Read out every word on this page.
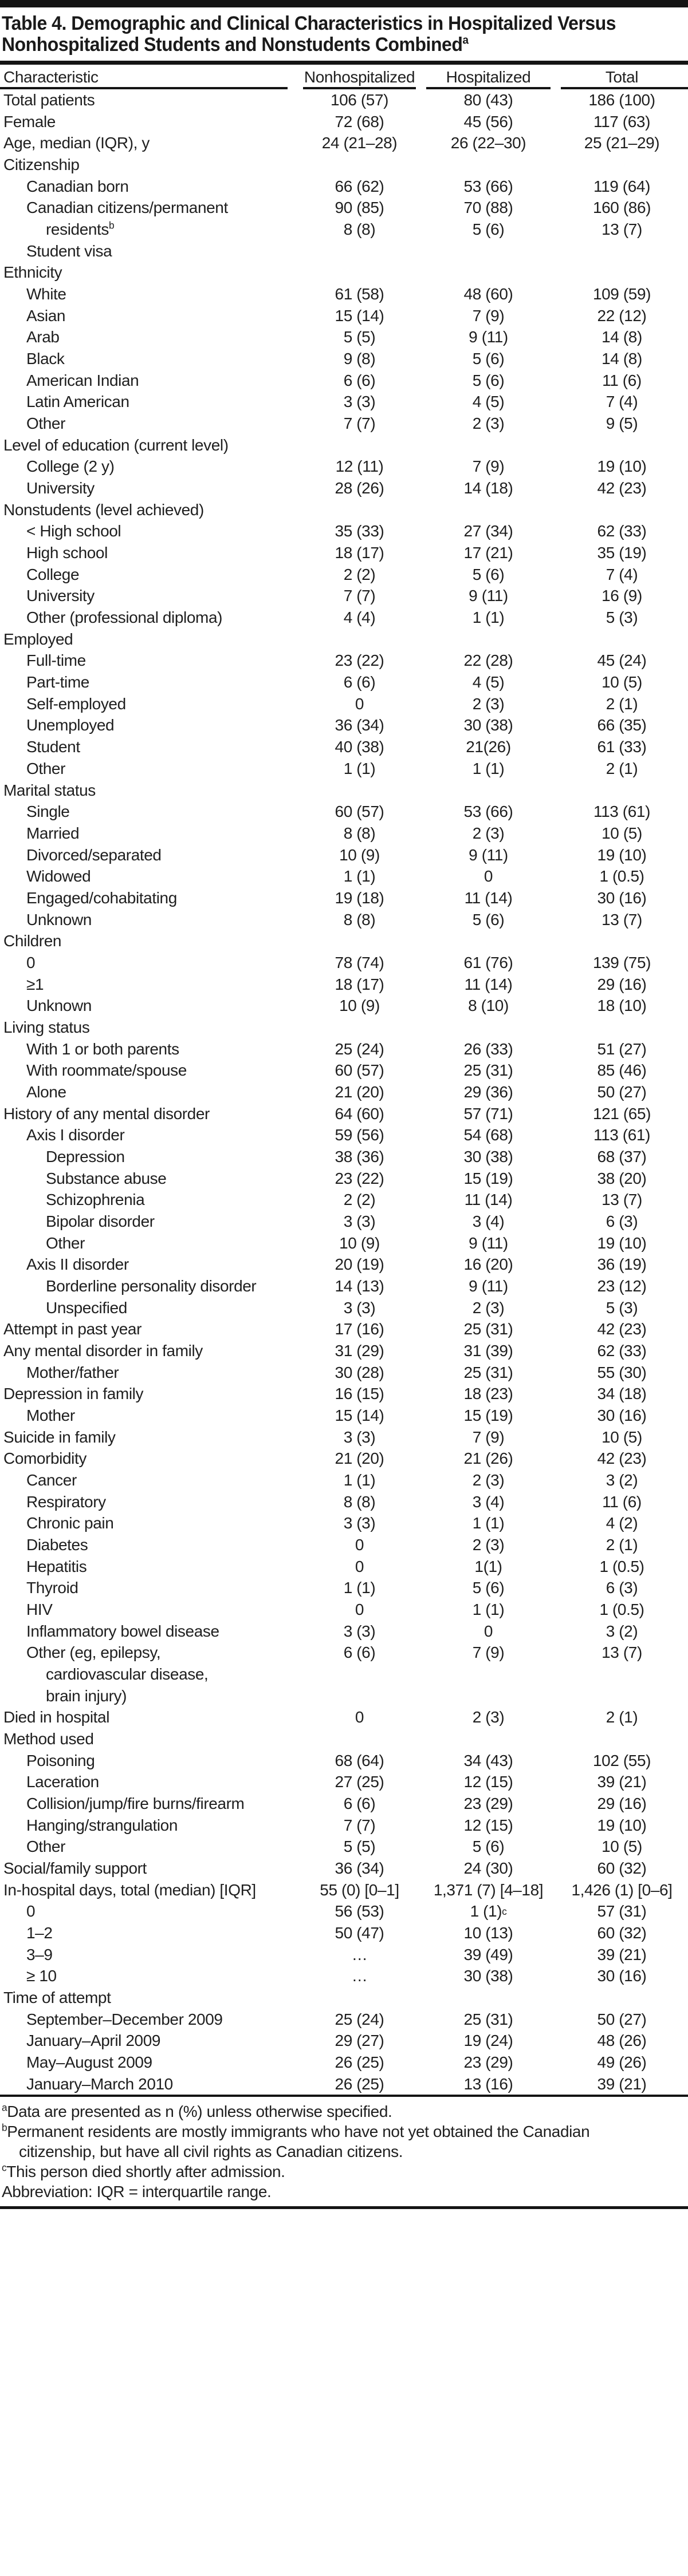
Table 4. Demographic and Clinical Characteristics in Hospitalized Versus
Nonhospitalized Students and Nonstudents Combined$^a$
Characteristic	Nonhospitalized	Hospitalized	Total
Total patients	106 (57)	80 (43)	186 (100)
Female	72 (68)	45 (56)	117 (63)
Age, median (IQR), y	24 (21–28)	26 (22–30)	25 (21–29)
Citizenship
Canadian born	66 (62)	53 (66)	119 (64)
Canadian citizens/permanent	90 (85)	70 (88)	160 (86)
residents$^b$	8 (8)	5 (6)	13 (7)
Student visa
Ethnicity
White	61 (58)	48 (60)	109 (59)
Asian	15 (14)	7 (9)	22 (12)
Arab	5 (5)	9 (11)	14 (8)
Black	9 (8)	5 (6)	14 (8)
American Indian	6 (6)	5 (6)	11 (6)
Latin American	3 (3)	4 (5)	7 (4)
Other	7 (7)	2 (3)	9 (5)
Level of education (current level)
College (2 y)	12 (11)	7 (9)	19 (10)
University	28 (26)	14 (18)	42 (23)
Nonstudents (level achieved)
< High school	35 (33)	27 (34)	62 (33)
High school	18 (17)	17 (21)	35 (19)
College	2 (2)	5 (6)	7 (4)
University	7 (7)	9 (11)	16 (9)
Other (professional diploma)	4 (4)	1 (1)	5 (3)
Employed
Full-time	23 (22)	22 (28)	45 (24)
Part-time	6 (6)	4 (5)	10 (5)
Self-employed	0	2 (3)	2 (1)
Unemployed	36 (34)	30 (38)	66 (35)
Student	40 (38)	21(26)	61 (33)
Other	1 (1)	1 (1)	2 (1)
Marital status
Single	60 (57)	53 (66)	113 (61)
Married	8 (8)	2 (3)	10 (5)
Divorced/separated	10 (9)	9 (11)	19 (10)
Widowed	1 (1)	0	1 (0.5)
Engaged/cohabitating	19 (18)	11 (14)	30 (16)
Unknown	8 (8)	5 (6)	13 (7)
Children
0	78 (74)	61 (76)	139 (75)
≥1	18 (17)	11 (14)	29 (16)
Unknown	10 (9)	8 (10)	18 (10)
Living status
With 1 or both parents	25 (24)	26 (33)	51 (27)
With roommate/spouse	60 (57)	25 (31)	85 (46)
Alone	21 (20)	29 (36)	50 (27)
History of any mental disorder	64 (60)	57 (71)	121 (65)
Axis I disorder	59 (56)	54 (68)	113 (61)
Depression	38 (36)	30 (38)	68 (37)
Substance abuse	23 (22)	15 (19)	38 (20)
Schizophrenia	2 (2)	11 (14)	13 (7)
Bipolar disorder	3 (3)	3 (4)	6 (3)
Other	10 (9)	9 (11)	19 (10)
Axis II disorder	20 (19)	16 (20)	36 (19)
Borderline personality disorder	14 (13)	9 (11)	23 (12)
Unspecified	3 (3)	2 (3)	5 (3)
Attempt in past year	17 (16)	25 (31)	42 (23)
Any mental disorder in family	31 (29)	31 (39)	62 (33)
Mother/father	30 (28)	25 (31)	55 (30)
Depression in family	16 (15)	18 (23)	34 (18)
Mother	15 (14)	15 (19)	30 (16)
Suicide in family	3 (3)	7 (9)	10 (5)
Comorbidity	21 (20)	21 (26)	42 (23)
Cancer	1 (1)	2 (3)	3 (2)
Respiratory	8 (8)	3 (4)	11 (6)
Chronic pain	3 (3)	1 (1)	4 (2)
Diabetes	0	2 (3)	2 (1)
Hepatitis	0	1(1)	1 (0.5)
Thyroid	1 (1)	5 (6)	6 (3)
HIV	0	1 (1)	1 (0.5)
Inflammatory bowel disease	3 (3)	0	3 (2)
Other (eg, epilepsy,	6 (6)	7 (9)	13 (7)
cardiovascular disease,
brain injury)
Died in hospital	0	2 (3)	2 (1)
Method used
Poisoning	68 (64)	34 (43)	102 (55)
Laceration	27 (25)	12 (15)	39 (21)
Collision/jump/fire burns/firearm	6 (6)	23 (29)	29 (16)
Hanging/strangulation	7 (7)	12 (15)	19 (10)
Other	5 (5)	5 (6)	10 (5)
Social/family support	36 (34)	24 (30)	60 (32)
In-hospital days, total (median) [IQR]	55 (0) [0–1]	1,371 (7) [4–18]	1,426 (1) [0–6]
0	56 (53)	1 (1) c	57 (31)
1–2	50 (47)	10 (13)	60 (32)
3–9	…	39 (49)	39 (21)
≥ 10	…	30 (38)	30 (16)
Time of attempt
September–December 2009	25 (24)	25 (31)	50 (27)
January–April 2009	29 (27)	19 (24)	48 (26)
May–August 2009	26 (25)	23 (29)	49 (26)
January–March 2010	26 (25)	13 (16)	39 (21)
$^a$Data are presented as n (%) unless otherwise specified.
$^b$Permanent residents are mostly immigrants who have not yet obtained the Canadian
citizenship, but have all civil rights as Canadian citizens.
$^c$This person died shortly after admission.
Abbreviation: IQR = interquartile range.
